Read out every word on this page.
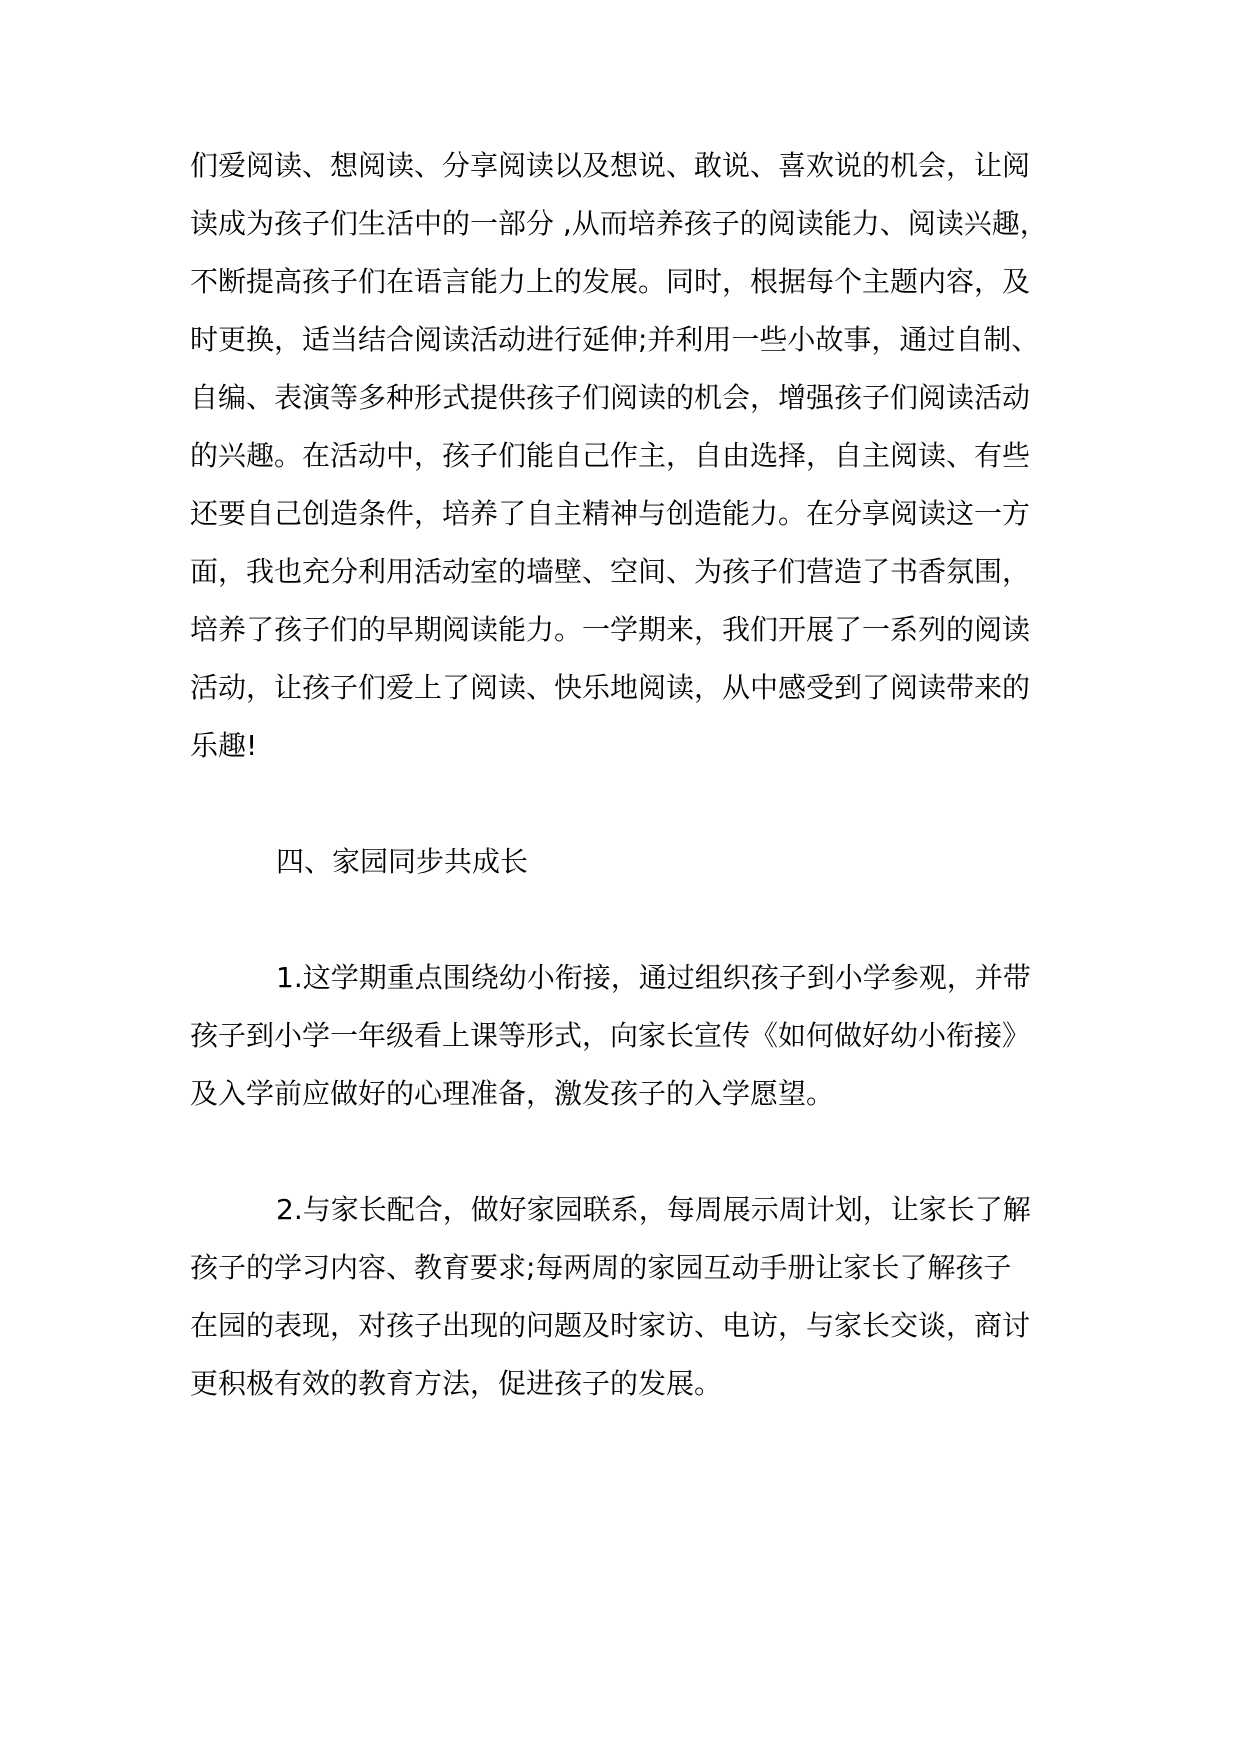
们爱阅读、想阅读、分享阅读以及想说、敢说、喜欢说的机会，让阅
读成为孩子们生活中的一部分 ,从而培养孩子的阅读能力、阅读兴趣，
不断提高孩子们在语言能力上的发展。同时，根据每个主题内容，及
时更换，适当结合阅读活动进行延伸;并利用一些小故事，通过自制、
自编、表演等多种形式提供孩子们阅读的机会，增强孩子们阅读活动
的兴趣。在活动中，孩子们能自己作主，自由选择，自主阅读、有些
还要自己创造条件，培养了自主精神与创造能力。在分享阅读这一方
面，我也充分利用活动室的墙壁、空间、为孩子们营造了书香氛围，
培养了孩子们的早期阅读能力。一学期来，我们开展了一系列的阅读
活动，让孩子们爱上了阅读、快乐地阅读，从中感受到了阅读带来的
乐趣!
四、家园同步共成长
1.这学期重点围绕幼小衔接，通过组织孩子到小学参观，并带
孩子到小学一年级看上课等形式，向家长宣传《如何做好幼小衔接》
及入学前应做好的心理准备，激发孩子的入学愿望。
2.与家长配合，做好家园联系，每周展示周计划，让家长了解
孩子的学习内容、教育要求;每两周的家园互动手册让家长了解孩子
在园的表现，对孩子出现的问题及时家访、电访，与家长交谈，商讨
更积极有效的教育方法，促进孩子的发展。
